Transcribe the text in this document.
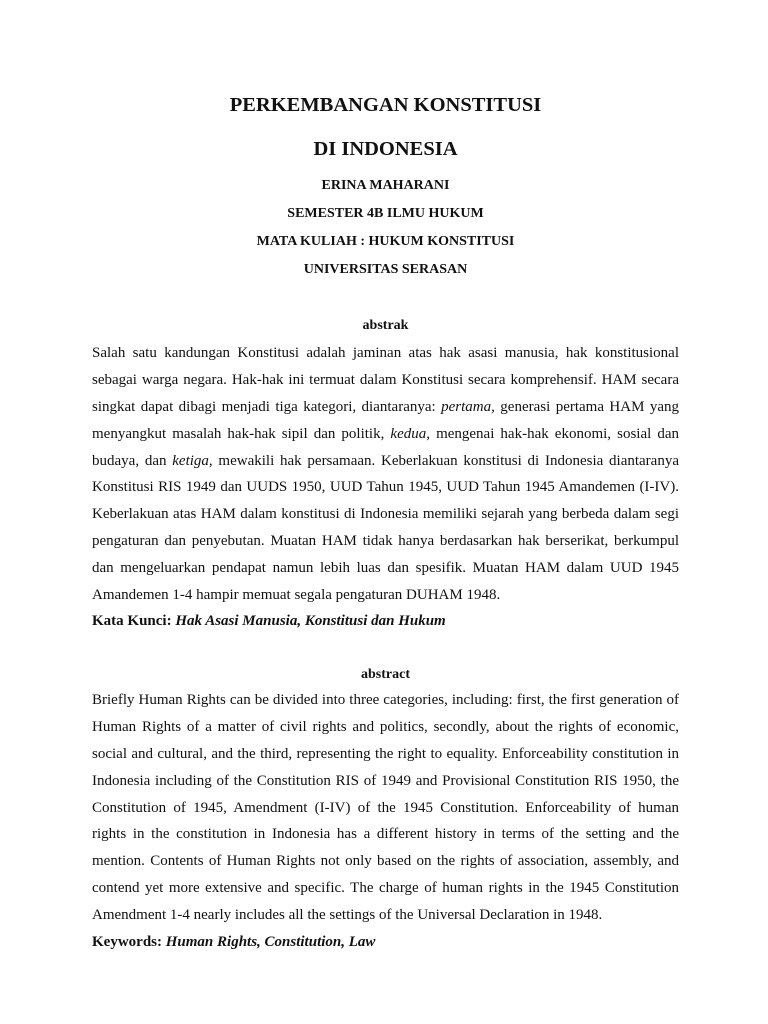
PERKEMBANGAN KONSTITUSI
DI INDONESIA

ERINA MAHARANI

SEMESTER 4B ILMU HUKUM

MATA KULIAH : HUKUM KONSTITUSI

UNIVERSITAS SERASAN

abstrak
Salah satu kandungan Konstitusi adalah jaminan atas hak asasi manusia, hak konstitusional
sebagai warga negara. Hak-hak ini termuat dalam Konstitusi secara komprehensif. HAM secara
singkat dapat dibagi menjadi tiga kategori, diantaranya: pertama, generasi pertama HAM yang
menyangkut masalah hak-hak sipil dan politik, kedua, mengenai hak-hak ekonomi, sosial dan
budaya, dan ketiga, mewakili hak persamaan. Keberlakuan konstitusi di Indonesia diantaranya
Konstitusi RIS 1949 dan UUDS 1950, UUD Tahun 1945, UUD Tahun 1945 Amandemen (I-IV).
Keberlakuan atas HAM dalam konstitusi di Indonesia memiliki sejarah yang berbeda dalam segi
pengaturan dan penyebutan. Muatan HAM tidak hanya berdasarkan hak berserikat, berkumpul
dan mengeluarkan pendapat namun lebih luas dan spesifik. Muatan HAM dalam UUD 1945
Amandemen 1-4 hampir memuat segala pengaturan DUHAM 1948.

Kata Kunci: Hak Asasi Manusia, Konstitusi dan Hukum

abstract
Briefly Human Rights can be divided into three categories, including: first, the first generation of
Human Rights of a matter of civil rights and politics, secondly, about the rights of economic,
social and cultural, and the third, representing the right to equality. Enforceability constitution in
Indonesia including of the Constitution RIS of 1949 and Provisional Constitution RIS 1950, the
Constitution of 1945, Amendment (I-IV) of the 1945 Constitution. Enforceability of human
rights in the constitution in Indonesia has a different history in terms of the setting and the
mention. Contents of Human Rights not only based on the rights of association, assembly, and
contend yet more extensive and specific. The charge of human rights in the 1945 Constitution
Amendment 1-4 nearly includes all the settings of the Universal Declaration in 1948.

Keywords: Human Rights, Constitution, Law
